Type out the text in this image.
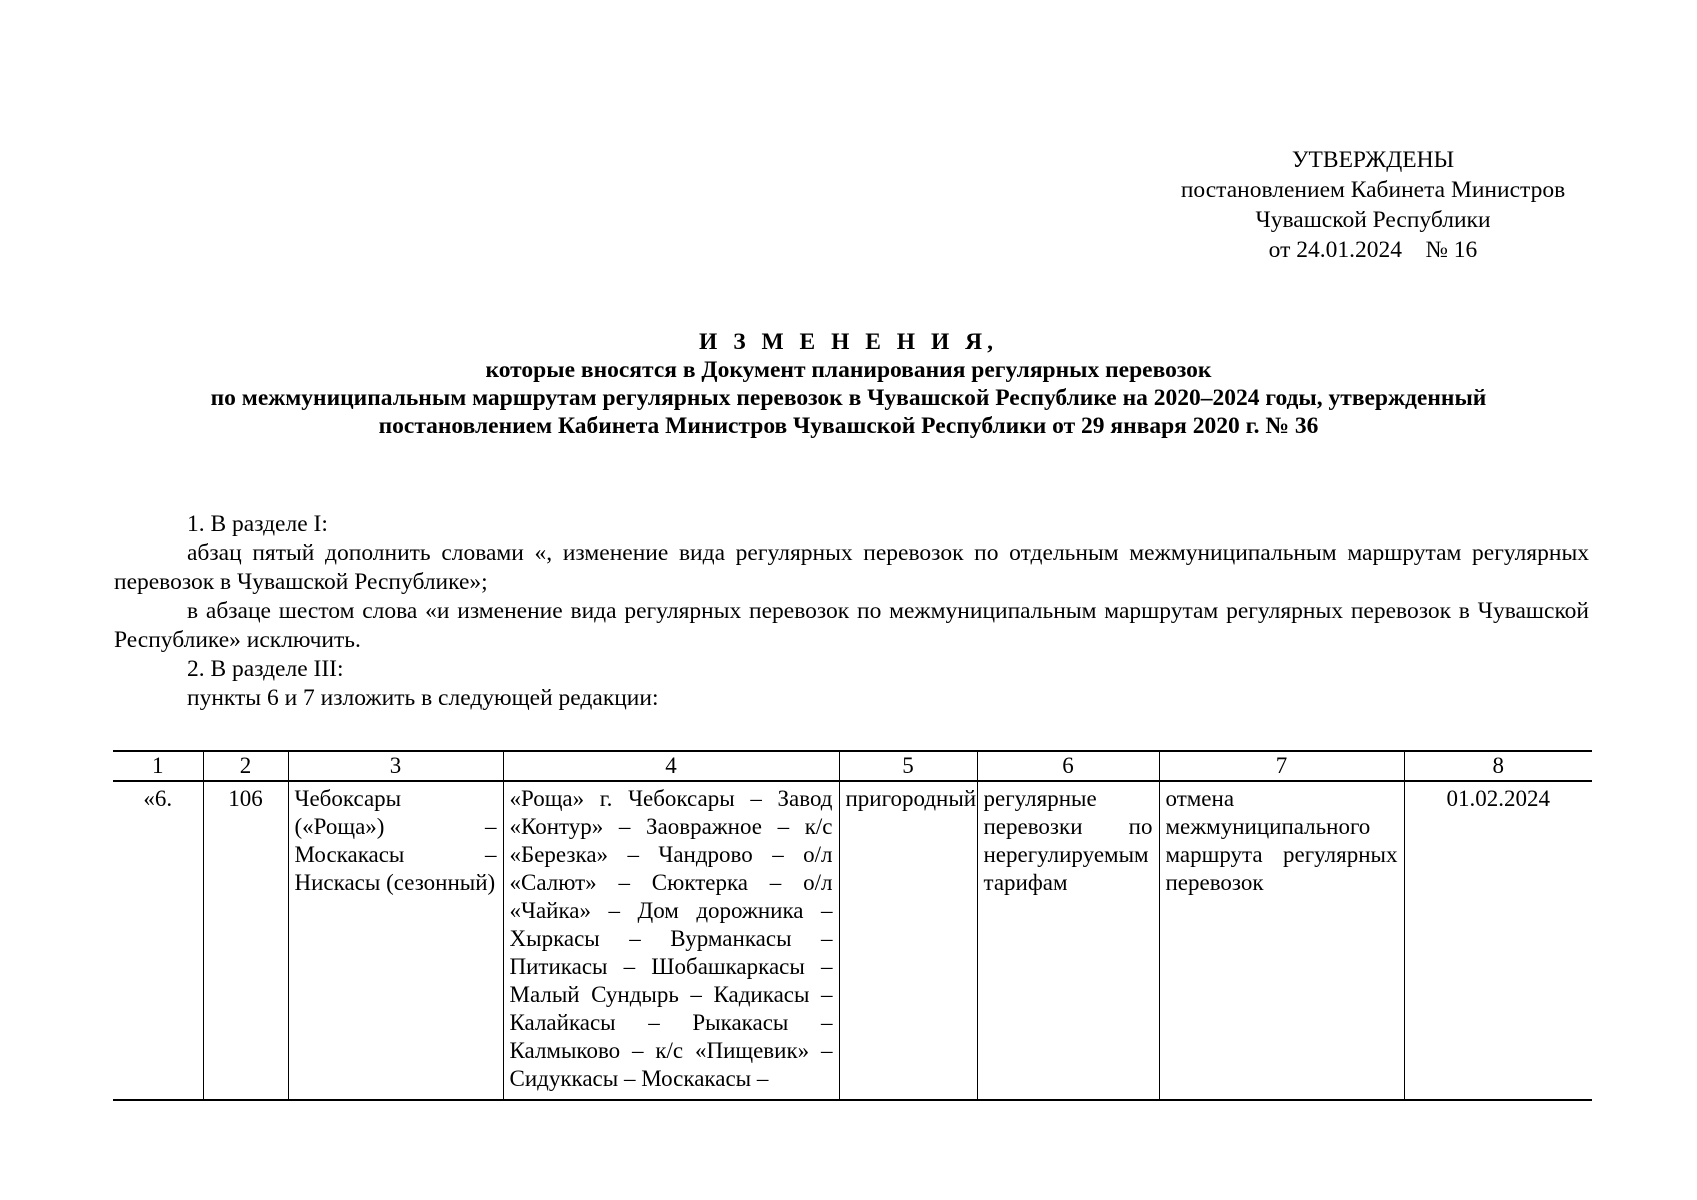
УТВЕРЖДЕНЫ
постановлением Кабинета Министров
Чувашской Республики
от 24.01.2024    № 16
И З М Е Н Е Н И Я,
которые вносятся в Документ планирования регулярных перевозок
по межмуниципальным маршрутам регулярных перевозок в Чувашской Республике на 2020–2024 годы, утвержденный
постановлением Кабинета Министров Чувашской Республики от 29 января 2020 г. № 36

1. В разделе I:

абзац пятый дополнить словами «, изменение вида регулярных перевозок по отдельным межмуниципальным маршрутам регулярных перевозок в Чувашской Республике»;

в абзаце шестом слова «и изменение вида регулярных перевозок по межмуниципальным маршрутам регулярных перевозок в Чувашской Республике» исключить.

2. В разделе III:

пункты 6 и 7 изложить в следующей редакции:

1	2	3	4	5	6	7	8
«6.	106	Чебоксары («Роща») – Москакасы – Нискасы (сезонный)	«Роща» г. Чебоксары – Завод «Контур» – Заовражное – к/с «Березка» – Чандрово – о/л «Салют» – Сюктерка – о/л «Чайка» – Дом дорожника – Хыркасы – Вурманкасы – Питикасы – Шобашкаркасы – Малый Сундырь – Кадикасы – Калайкасы – Рыкакасы – Калмыково – к/с «Пищевик» – Сидуккасы – Москакасы –	пригородный	регулярные перевозки по нерегулируемым тарифам	отмена межмуниципального маршрута регулярных перевозок	01.02.2024
